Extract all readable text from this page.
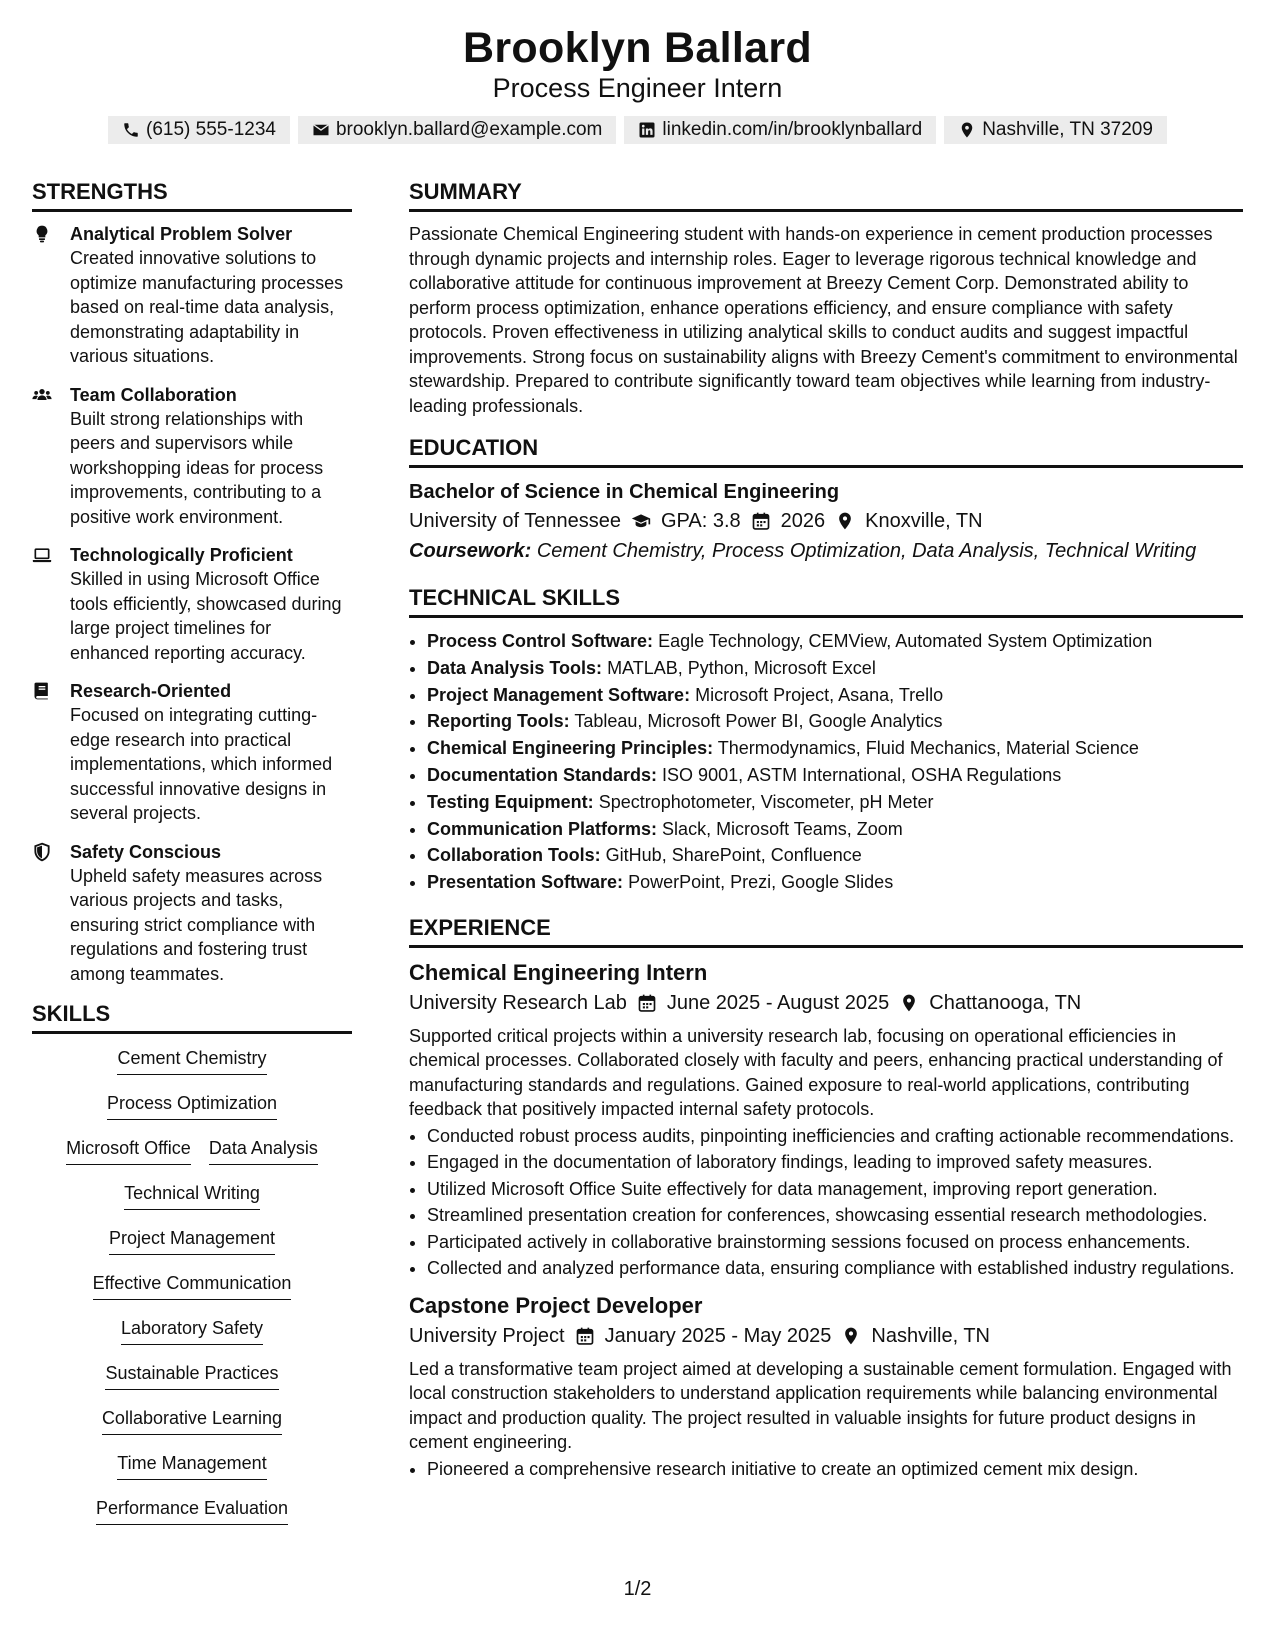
Brooklyn Ballard
Process Engineer Intern
(615) 555-1234	brooklyn.ballard@example.com	linkedin.com/in/brooklynballard	Nashville, TN 37209
STRENGTHS
Analytical Problem Solver
Created innovative solutions to optimize manufacturing processes based on real-time data analysis, demonstrating adaptability in various situations.
Team Collaboration
Built strong relationships with peers and supervisors while workshopping ideas for process improvements, contributing to a positive work environment.
Technologically Proficient
Skilled in using Microsoft Office tools efficiently, showcased during large project timelines for enhanced reporting accuracy.
Research-Oriented
Focused on integrating cutting-edge research into practical implementations, which informed successful innovative designs in several projects.
Safety Conscious
Upheld safety measures across various projects and tasks, ensuring strict compliance with regulations and fostering trust among teammates.
SKILLS
Cement Chemistry
Process Optimization
Microsoft Office Data Analysis
Technical Writing
Project Management
Effective Communication
Laboratory Safety
Sustainable Practices
Collaborative Learning
Time Management
Performance Evaluation
SUMMARY
Passionate Chemical Engineering student with hands-on experience in cement production processes through dynamic projects and internship roles. Eager to leverage rigorous technical knowledge and collaborative attitude for continuous improvement at Breezy Cement Corp. Demonstrated ability to perform process optimization, enhance operations efficiency, and ensure compliance with safety protocols. Proven effectiveness in utilizing analytical skills to conduct audits and suggest impactful improvements. Strong focus on sustainability aligns with Breezy Cement's commitment to environmental stewardship. Prepared to contribute significantly toward team objectives while learning from industry-leading professionals.
EDUCATION
Bachelor of Science in Chemical Engineering
University of Tennessee GPA: 3.8 2026 Knoxville, TN
Coursework: Cement Chemistry, Process Optimization, Data Analysis, Technical Writing
TECHNICAL SKILLS
• Process Control Software: Eagle Technology, CEMView, Automated System Optimization
• Data Analysis Tools: MATLAB, Python, Microsoft Excel
• Project Management Software: Microsoft Project, Asana, Trello
• Reporting Tools: Tableau, Microsoft Power BI, Google Analytics
• Chemical Engineering Principles: Thermodynamics, Fluid Mechanics, Material Science
• Documentation Standards: ISO 9001, ASTM International, OSHA Regulations
• Testing Equipment: Spectrophotometer, Viscometer, pH Meter
• Communication Platforms: Slack, Microsoft Teams, Zoom
• Collaboration Tools: GitHub, SharePoint, Confluence
• Presentation Software: PowerPoint, Prezi, Google Slides
EXPERIENCE
Chemical Engineering Intern
University Research Lab June 2025 - August 2025 Chattanooga, TN
Supported critical projects within a university research lab, focusing on operational efficiencies in chemical processes. Collaborated closely with faculty and peers, enhancing practical understanding of manufacturing standards and regulations. Gained exposure to real-world applications, contributing feedback that positively impacted internal safety protocols.
• Conducted robust process audits, pinpointing inefficiencies and crafting actionable recommendations.
• Engaged in the documentation of laboratory findings, leading to improved safety measures.
• Utilized Microsoft Office Suite effectively for data management, improving report generation.
• Streamlined presentation creation for conferences, showcasing essential research methodologies.
• Participated actively in collaborative brainstorming sessions focused on process enhancements.
• Collected and analyzed performance data, ensuring compliance with established industry regulations.
Capstone Project Developer
University Project January 2025 - May 2025 Nashville, TN
Led a transformative team project aimed at developing a sustainable cement formulation. Engaged with local construction stakeholders to understand application requirements while balancing environmental impact and production quality. The project resulted in valuable insights for future product designs in cement engineering.
• Pioneered a comprehensive research initiative to create an optimized cement mix design.
1/2
